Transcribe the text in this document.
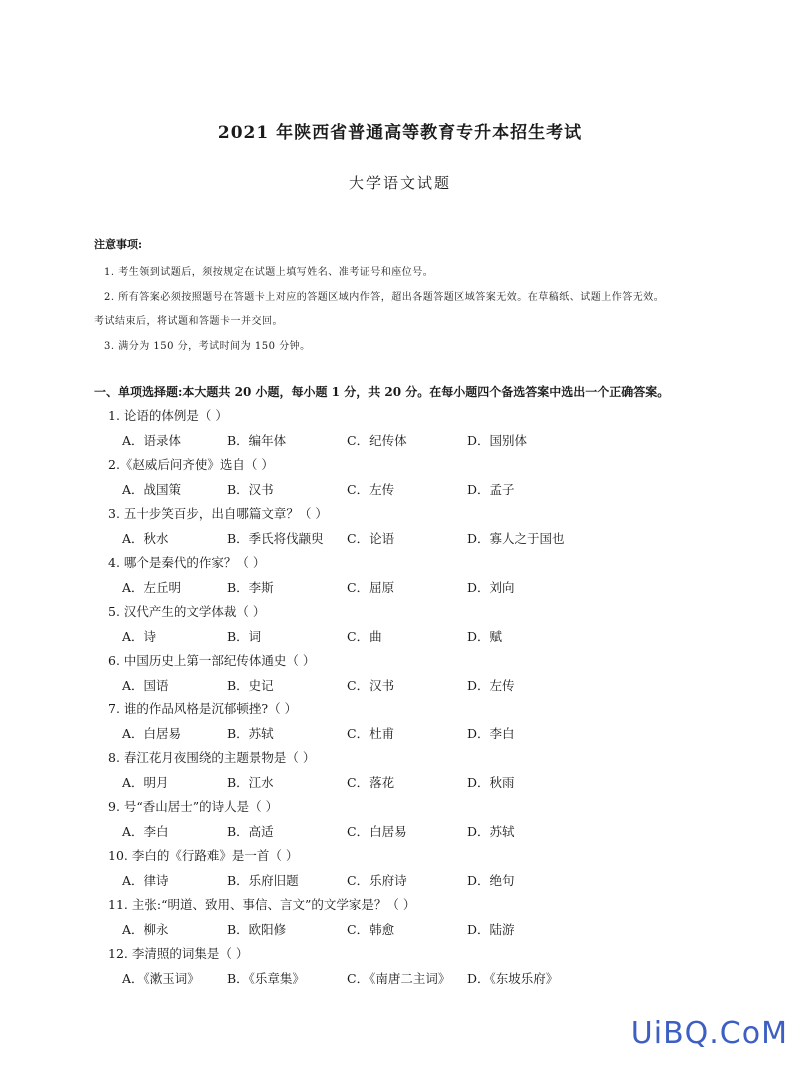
2021 年陕西省普通高等教育专升本招生考试
大学语文试题
注意事项:
1. 考生领到试题后，须按规定在试题上填写姓名、准考证号和座位号。
2. 所有答案必须按照题号在答题卡上对应的答题区域内作答，超出各题答题区域答案无效。在草稿纸、试题上作答无效。
考试结束后，将试题和答题卡一并交回。
3. 满分为 150 分，考试时间为 150 分钟。
一、单项选择题:本大题共 20 小题，每小题 1 分，共 20 分。在每小题四个备选答案中选出一个正确答案。
1. 论语的体例是（ ）
A．语录体	B．编年体	C．纪传体	D．国别体
2.《赵威后问齐使》选自（ ）
A．战国策	B．汉书	C．左传	D．孟子
3. 五十步笑百步，出自哪篇文章？（ ）
A．秋水	B．季氏将伐颛臾 C．论语	D．寡人之于国也
4. 哪个是秦代的作家？（ ）
A．左丘明	B．李斯	C．屈原	D．刘向
5. 汉代产生的文学体裁（ ）
A．诗	B．词	C．曲	D．赋
6. 中国历史上第一部纪传体通史（ ）
A．国语	B．史记	C．汉书	D．左传
7. 谁的作品风格是沉郁顿挫?（ ）
A．白居易	B．苏轼	C．杜甫	D．李白
8. 春江花月夜围绕的主题景物是（ ）
A．明月	B．江水	C．落花	D．秋雨
9. 号“香山居士”的诗人是（ ）
A．李白	B．高适	C．白居易	D．苏轼
10. 李白的《行路难》是一首（ ）
A．律诗	B．乐府旧题	C．乐府诗	D．绝句
11. 主张:“明道、致用、事信、言文”的文学家是？（ ）
A．柳永	B．欧阳修	C．韩愈	D．陆游
12. 李清照的词集是（ ）
A．《漱玉词》 B．《乐章集》	C．《南唐二主词》 D．《东坡乐府》
UiBQ.CoM
